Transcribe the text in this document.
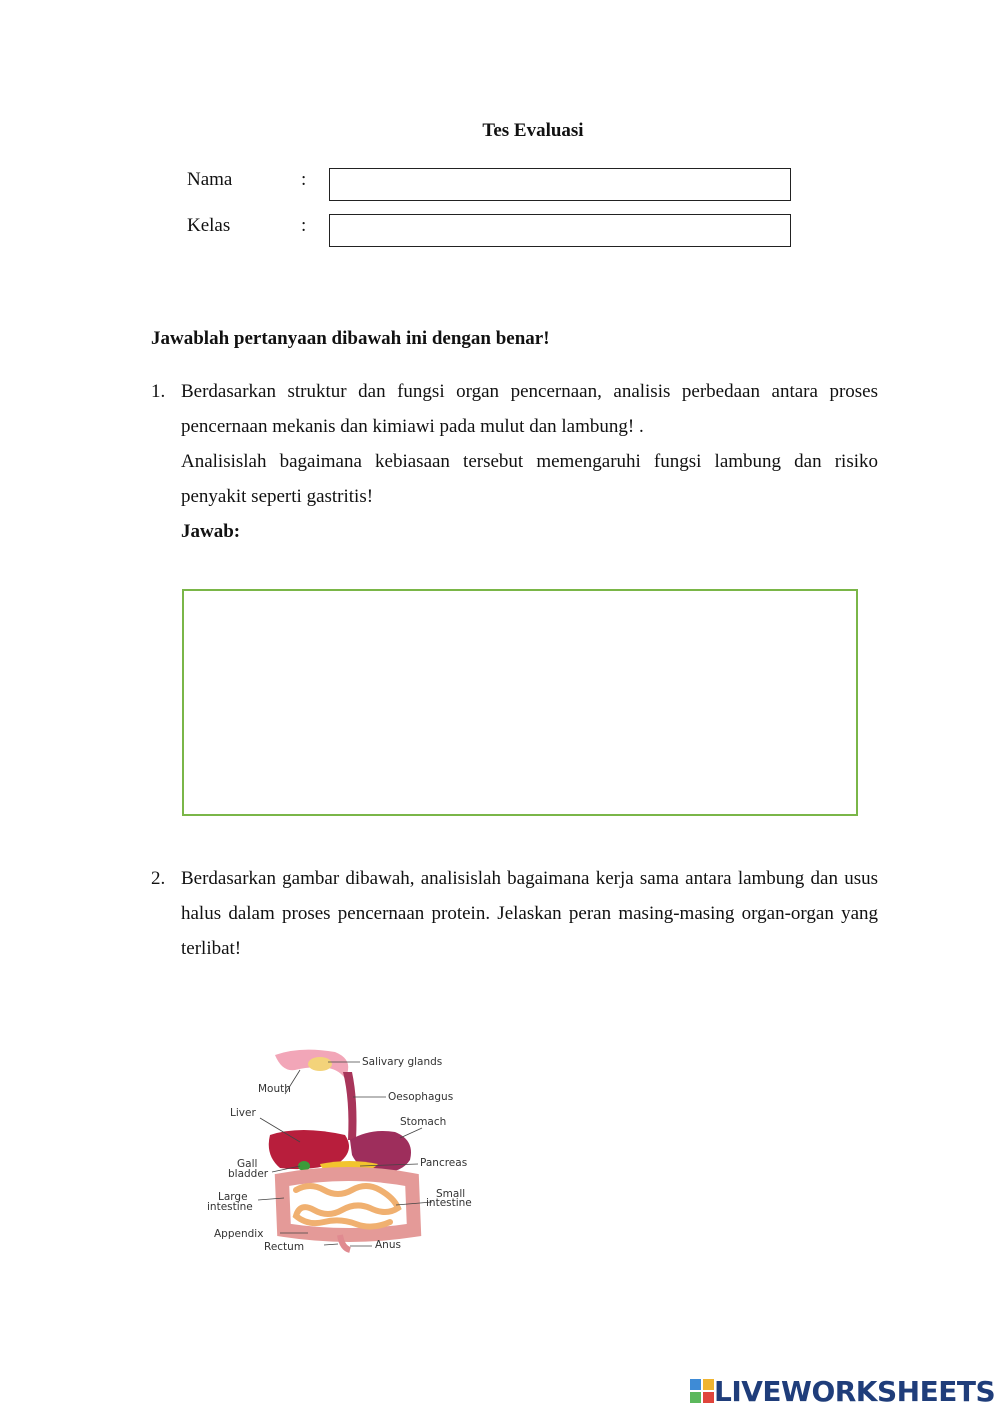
Tes Evaluasi
Nama	:
Kelas	:
Jawablah pertanyaan dibawah ini dengan benar!
1. Berdasarkan struktur dan fungsi organ pencernaan, analisis perbedaan antara proses pencernaan mekanis dan kimiawi pada mulut dan lambung! .

Analisislah bagaimana kebiasaan tersebut memengaruhi fungsi lambung dan risiko penyakit seperti gastritis!

Jawab:

2. Berdasarkan gambar dibawah, analisislah bagaimana kerja sama antara lambung dan usus halus dalam proses pencernaan protein. Jelaskan peran masing-masing organ-organ yang terlibat!

Salivary glands
Mouth
Oesophagus
Liver
Stomach
Gall
bladder
Pancreas
Large
intestine
Small
intestine
Appendix
Rectum	Anus
LIVEWORKSHEETS
